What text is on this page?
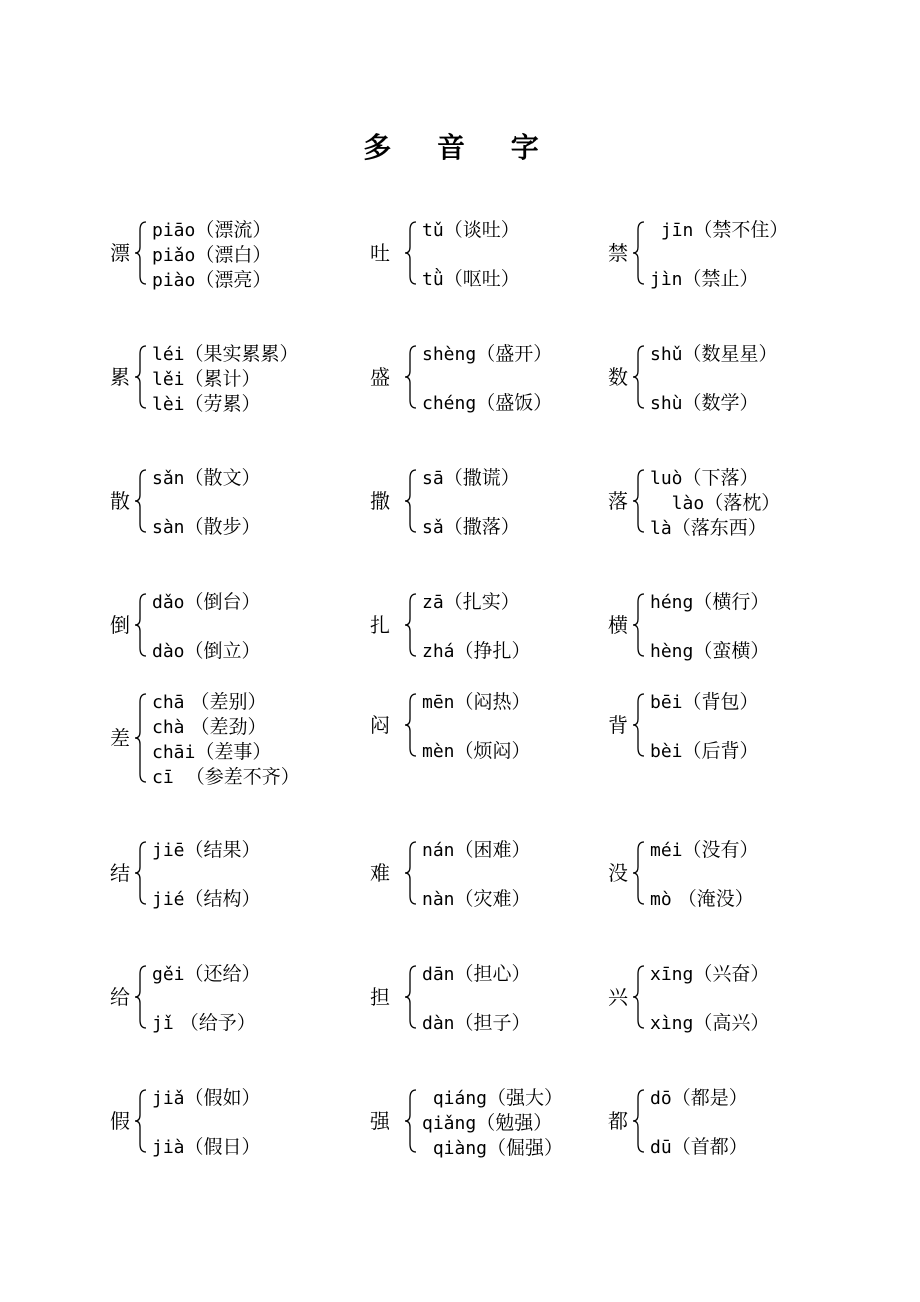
多 音 字
漂
piāo（漂流）
piǎo（漂白）
piào（漂亮）
累
léi（果实累累）
lěi（累计）
lèi（劳累）
散
sǎn（散文）
sàn（散步）
倒
dǎo（倒台）
dào（倒立）
差
chā （差别）
chà （差劲）
chāi（差事）
cī  （参差不齐）
结
jiē（结果）
jié（结构）
给
gěi（还给）
jǐ （给予）
假
jiǎ（假如）
jià（假日）
吐
tǔ（谈吐）
tǜ（呕吐）
盛
shèng（盛开）
chéng（盛饭）
撒
sā（撒谎）
sǎ（撒落）
扎
zā（扎实）
zhá（挣扎）
闷
mēn（闷热）
mèn（烦闷）
难
nán（困难）
nàn（灾难）
担
dān（担心）
dàn（担子）
强
qiáng（强大）
qiǎng（勉强）
qiàng（倔强）
禁
jīn（禁不住）
jìn（禁止）
数
shǔ（数星星）
shù（数学）
落
luò（下落）
lào（落枕）
là（落东西）
横
héng（横行）
hèng（蛮横）
背
bēi（背包）
bèi（后背）
没
méi（没有）
mò （淹没）
兴
xīng（兴奋）
xìng（高兴）
都
dō（都是）
dū（首都）
